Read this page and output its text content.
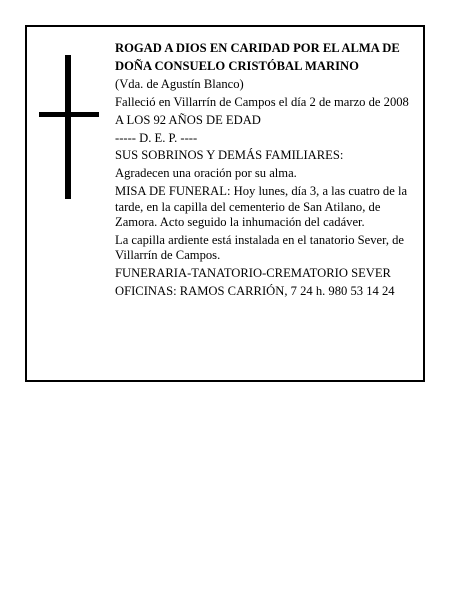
ROGAD A DIOS EN CARIDAD POR EL ALMA DE

DOÑA CONSUELO CRISTÓBAL MARINO

(Vda. de Agustín Blanco)

Falleció en Villarrín de Campos el día 2 de marzo de 2008

A LOS 92 AÑOS DE EDAD

----- D. E. P. ----

SUS SOBRINOS Y DEMÁS FAMILIARES:

Agradecen una oración por su alma.

MISA DE FUNERAL: Hoy lunes, día 3, a las cuatro de la tarde, en la capilla del cementerio de San Atilano, de Zamora. Acto seguido la inhumación del cadáver.

La capilla ardiente está instalada en el tanatorio Sever, de Villarrín de Campos.

FUNERARIA-TANATORIO-CREMATORIO SEVER

OFICINAS: RAMOS CARRIÓN, 7 24 h. 980 53 14 24
